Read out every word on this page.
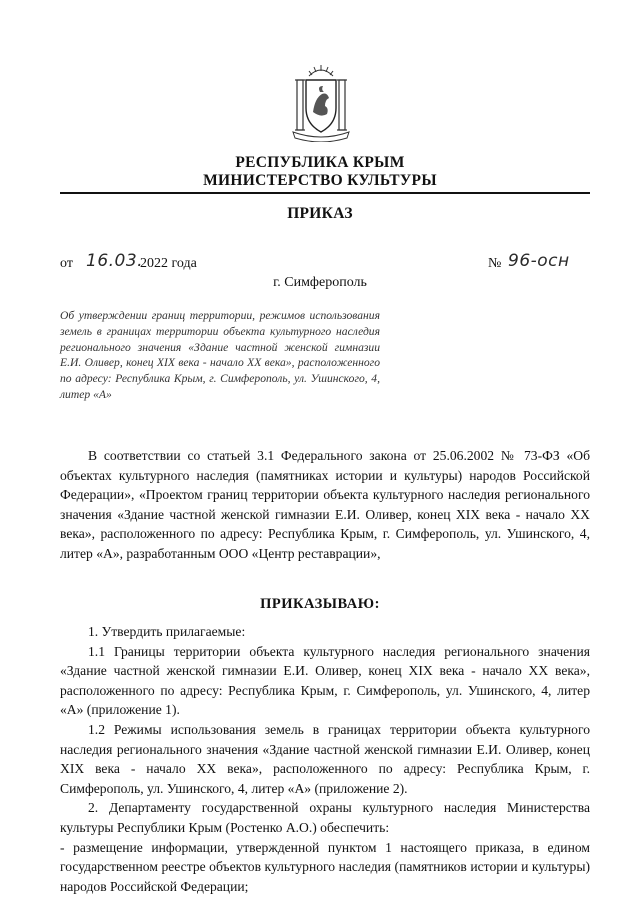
РЕСПУБЛИКА КРЫМ
МИНИСТЕРСТВО КУЛЬТУРЫ
ПРИКАЗ
от 16.03.
2022 года	№ 96-осн
г. Симферополь
Об утверждении границ территории, режимов использования земель в границах территории объекта культурного наследия регионального значения «Здание частной женской гимназии Е.И. Оливер, конец XIX века - начало XX века», расположенного по адресу: Республика Крым, г. Симферополь, ул. Ушинского, 4, литер «А»
В соответствии со статьей 3.1 Федерального закона от 25.06.2002 № 73-ФЗ «Об объектах культурного наследия (памятниках истории и культуры) народов Российской Федерации», «Проектом границ территории объекта культурного наследия регионального значения «Здание частной женской гимназии Е.И. Оливер, конец XIX века - начало XX века», расположенного по адресу: Республика Крым, г. Симферополь, ул. Ушинского, 4, литер «А», разработанным ООО «Центр реставрации»,
ПРИКАЗЫВАЮ:

1. Утвердить прилагаемые:

1.1 Границы территории объекта культурного наследия регионального значения «Здание частной женской гимназии Е.И. Оливер, конец XIX века - начало XX века», расположенного по адресу: Республика Крым, г. Симферополь, ул. Ушинского, 4, литер «А» (приложение 1).

1.2 Режимы использования земель в границах территории объекта культурного наследия регионального значения «Здание частной женской гимназии Е.И. Оливер, конец XIX века - начало XX века», расположенного по адресу: Республика Крым, г. Симферополь, ул. Ушинского, 4, литер «А» (приложение 2).

2. Департаменту государственной охраны культурного наследия Министерства культуры Республики Крым (Ростенко А.О.) обеспечить:

- размещение информации, утвержденной пунктом 1 настоящего приказа, в едином государственном реестре объектов культурного наследия (памятников истории и культуры) народов Российской Федерации;
